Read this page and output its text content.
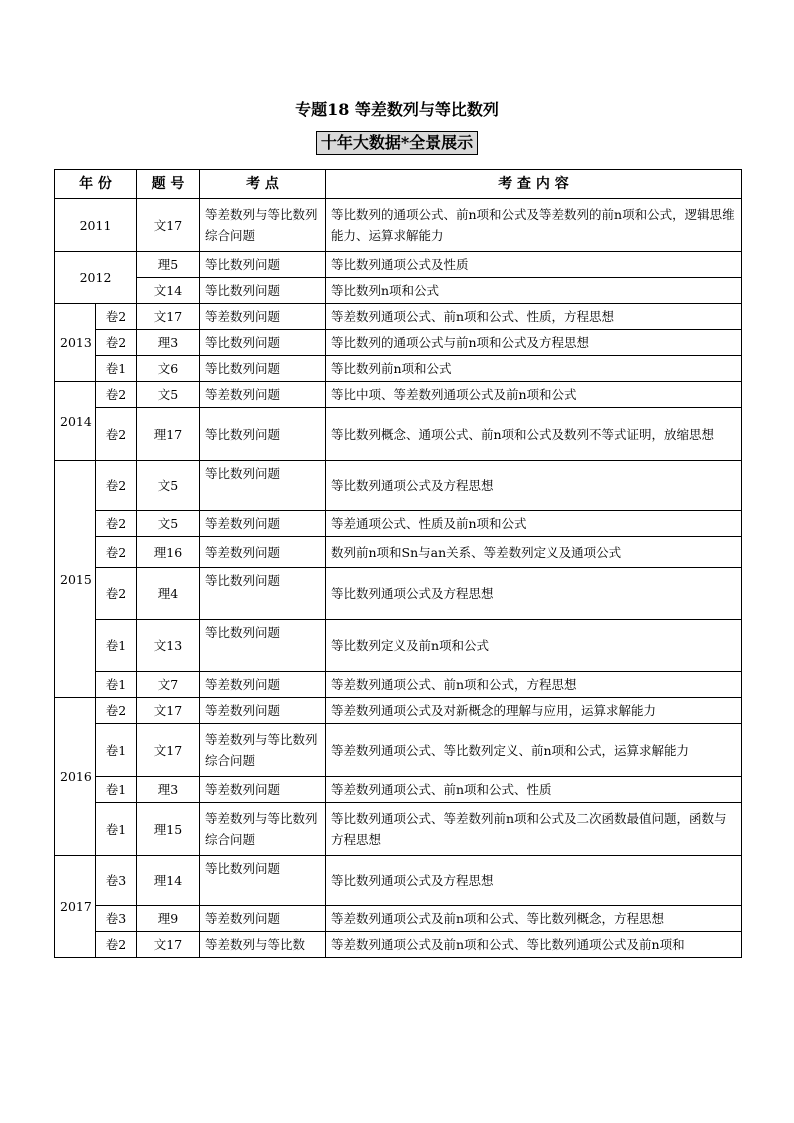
专题18 等差数列与等比数列
十年大数据*全景展示
年 份		题 号	考 点	考 查 内 容
2011		文17	等差数列与等比数列综合问题	等比数列的通项公式、前n项和公式及等差数列的前n项和公式，逻辑思维能力、运算求解能力
2012		理5	等比数列问题	等比数列通项公式及性质
		文14	等比数列问题	等比数列n项和公式
2013	卷2	文17	等差数列问题	等差数列通项公式、前n项和公式、性质，方程思想
	卷2	理3	等比数列问题	等比数列的通项公式与前n项和公式及方程思想
	卷1	文6	等比数列问题	等比数列前n项和公式
2014	卷2	文5	等差数列问题	等比中项、等差数列通项公式及前n项和公式
	卷2	理17	等比数列问题	等比数列概念、通项公式、前n项和公式及数列不等式证明，放缩思想
2015	卷2	文5	等比数列问题	等比数列通项公式及方程思想
	卷2	文5	等差数列问题	等差通项公式、性质及前n项和公式
	卷2	理16	等差数列问题	数列前n项和Sn与an关系、等差数列定义及通项公式
	卷2	理4	等比数列问题	等比数列通项公式及方程思想
	卷1	文13	等比数列问题	等比数列定义及前n项和公式
	卷1	文7	等差数列问题	等差数列通项公式、前n项和公式，方程思想
2016	卷2	文17	等差数列问题	等差数列通项公式及对新概念的理解与应用，运算求解能力
	卷1	文17	等差数列与等比数列综合问题	等差数列通项公式、等比数列定义、前n项和公式，运算求解能力
	卷1	理3	等差数列问题	等差数列通项公式、前n项和公式、性质
	卷1	理15	等差数列与等比数列综合问题	等比数列通项公式、等差数列前n项和公式及二次函数最值问题，函数与方程思想
2017	卷3	理14	等比数列问题	等比数列通项公式及方程思想
	卷3	理9	等差数列问题	等差数列通项公式及前n项和公式、等比数列概念，方程思想
	卷2	文17	等差数列与等比数	等差数列通项公式及前n项和公式、等比数列通项公式及前n项和
